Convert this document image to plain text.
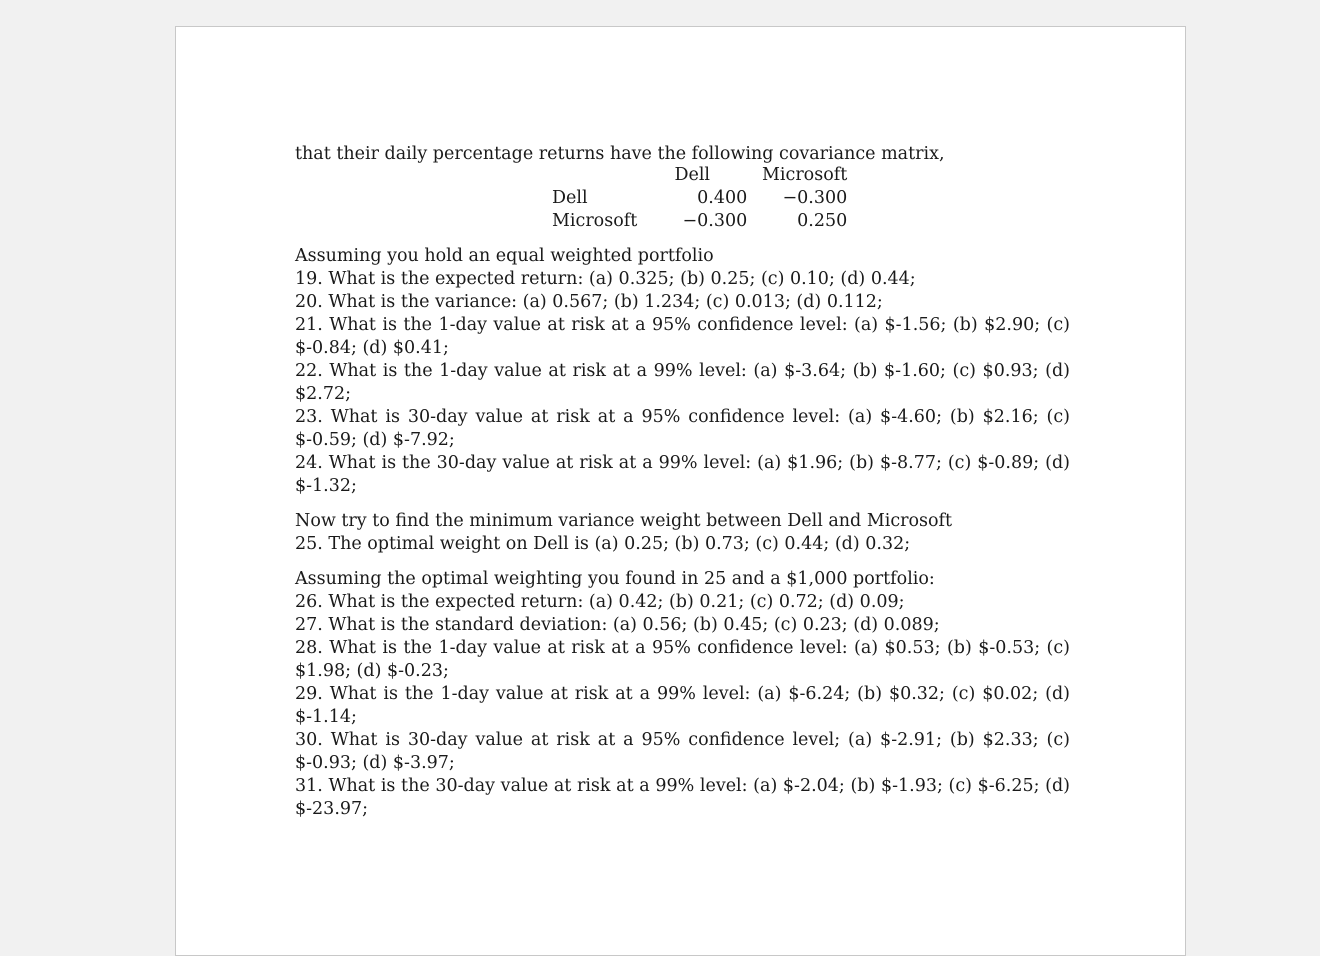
that their daily percentage returns have the following covariance matrix,

	Dell	Microsoft
Dell	0.400	−0.300
Microsoft	−0.300	0.250

Assuming you hold an equal weighted portfolio

19. What is the expected return: (a) 0.325; (b) 0.25; (c) 0.10; (d) 0.44;

20. What is the variance: (a) 0.567; (b) 1.234; (c) 0.013; (d) 0.112;

21. What is the 1-day value at risk at a 95% confidence level: (a) $-1.56; (b) $2.90; (c) $-0.84; (d) $0.41;

22. What is the 1-day value at risk at a 99% level: (a) $-3.64; (b) $-1.60; (c) $0.93; (d) $2.72;

23. What is 30-day value at risk at a 95% confidence level: (a) $-4.60; (b) $2.16; (c) $-0.59; (d) $-7.92;

24. What is the 30-day value at risk at a 99% level: (a) $1.96; (b) $-8.77; (c) $-0.89; (d) $-1.32;

Now try to find the minimum variance weight between Dell and Microsoft

25. The optimal weight on Dell is (a) 0.25; (b) 0.73; (c) 0.44; (d) 0.32;

Assuming the optimal weighting you found in 25 and a $1,000 portfolio:

26. What is the expected return: (a) 0.42; (b) 0.21; (c) 0.72; (d) 0.09;

27. What is the standard deviation: (a) 0.56; (b) 0.45; (c) 0.23; (d) 0.089;

28. What is the 1-day value at risk at a 95% confidence level: (a) $0.53; (b) $-0.53; (c) $1.98; (d) $-0.23;

29. What is the 1-day value at risk at a 99% level: (a) $-6.24; (b) $0.32; (c) $0.02; (d) $-1.14;

30. What is 30-day value at risk at a 95% confidence level; (a) $-2.91; (b) $2.33; (c) $-0.93; (d) $-3.97;

31. What is the 30-day value at risk at a 99% level: (a) $-2.04; (b) $-1.93; (c) $-6.25; (d) $-23.97;
